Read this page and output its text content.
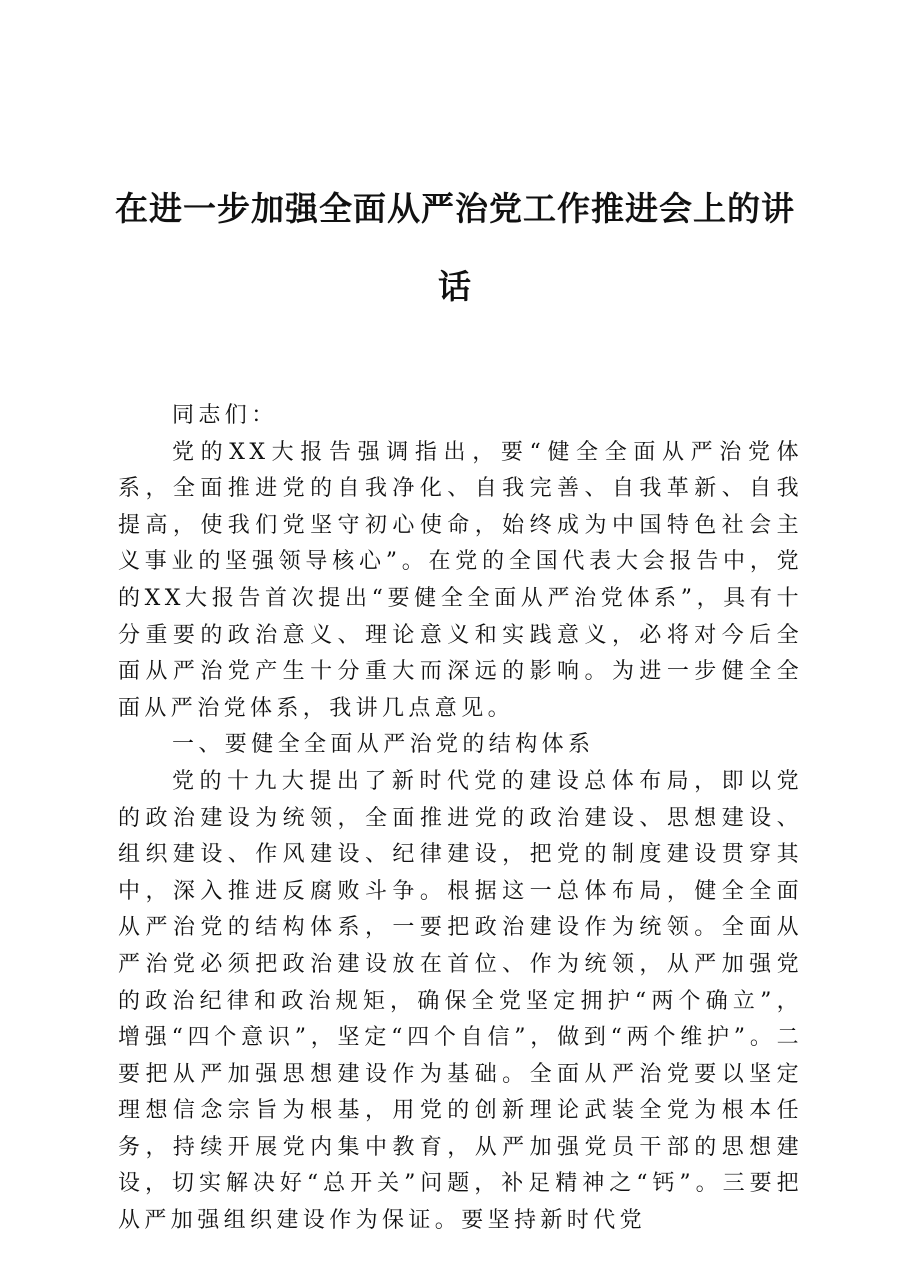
在进一步加强全面从严治党工作推进会上的讲话

同志们：

党的XX大报告强调指出，要“健全全面从严治党体系，全面推进党的自我净化、自我完善、自我革新、自我提高，使我们党坚守初心使命，始终成为中国特色社会主义事业的坚强领导核心”。在党的全国代表大会报告中，党的XX大报告首次提出“要健全全面从严治党体系”，具有十分重要的政治意义、理论意义和实践意义，必将对今后全面从严治党产生十分重大而深远的影响。为进一步健全全面从严治党体系，我讲几点意见。

一、要健全全面从严治党的结构体系

党的十九大提出了新时代党的建设总体布局，即以党的政治建设为统领，全面推进党的政治建设、思想建设、组织建设、作风建设、纪律建设，把党的制度建设贯穿其中，深入推进反腐败斗争。根据这一总体布局，健全全面从严治党的结构体系，一要把政治建设作为统领。全面从严治党必须把政治建设放在首位、作为统领，从严加强党的政治纪律和政治规矩，确保全党坚定拥护“两个确立”，增强“四个意识”，坚定“四个自信”，做到“两个维护”。二要把从严加强思想建设作为基础。全面从严治党要以坚定理想信念宗旨为根基，用党的创新理论武装全党为根本任务，持续开展党内集中教育，从严加强党员干部的思想建设，切实解决好“总开关”问题，补足精神之“钙”。三要把从严加强组织建设作为保证。要坚持新时代党
